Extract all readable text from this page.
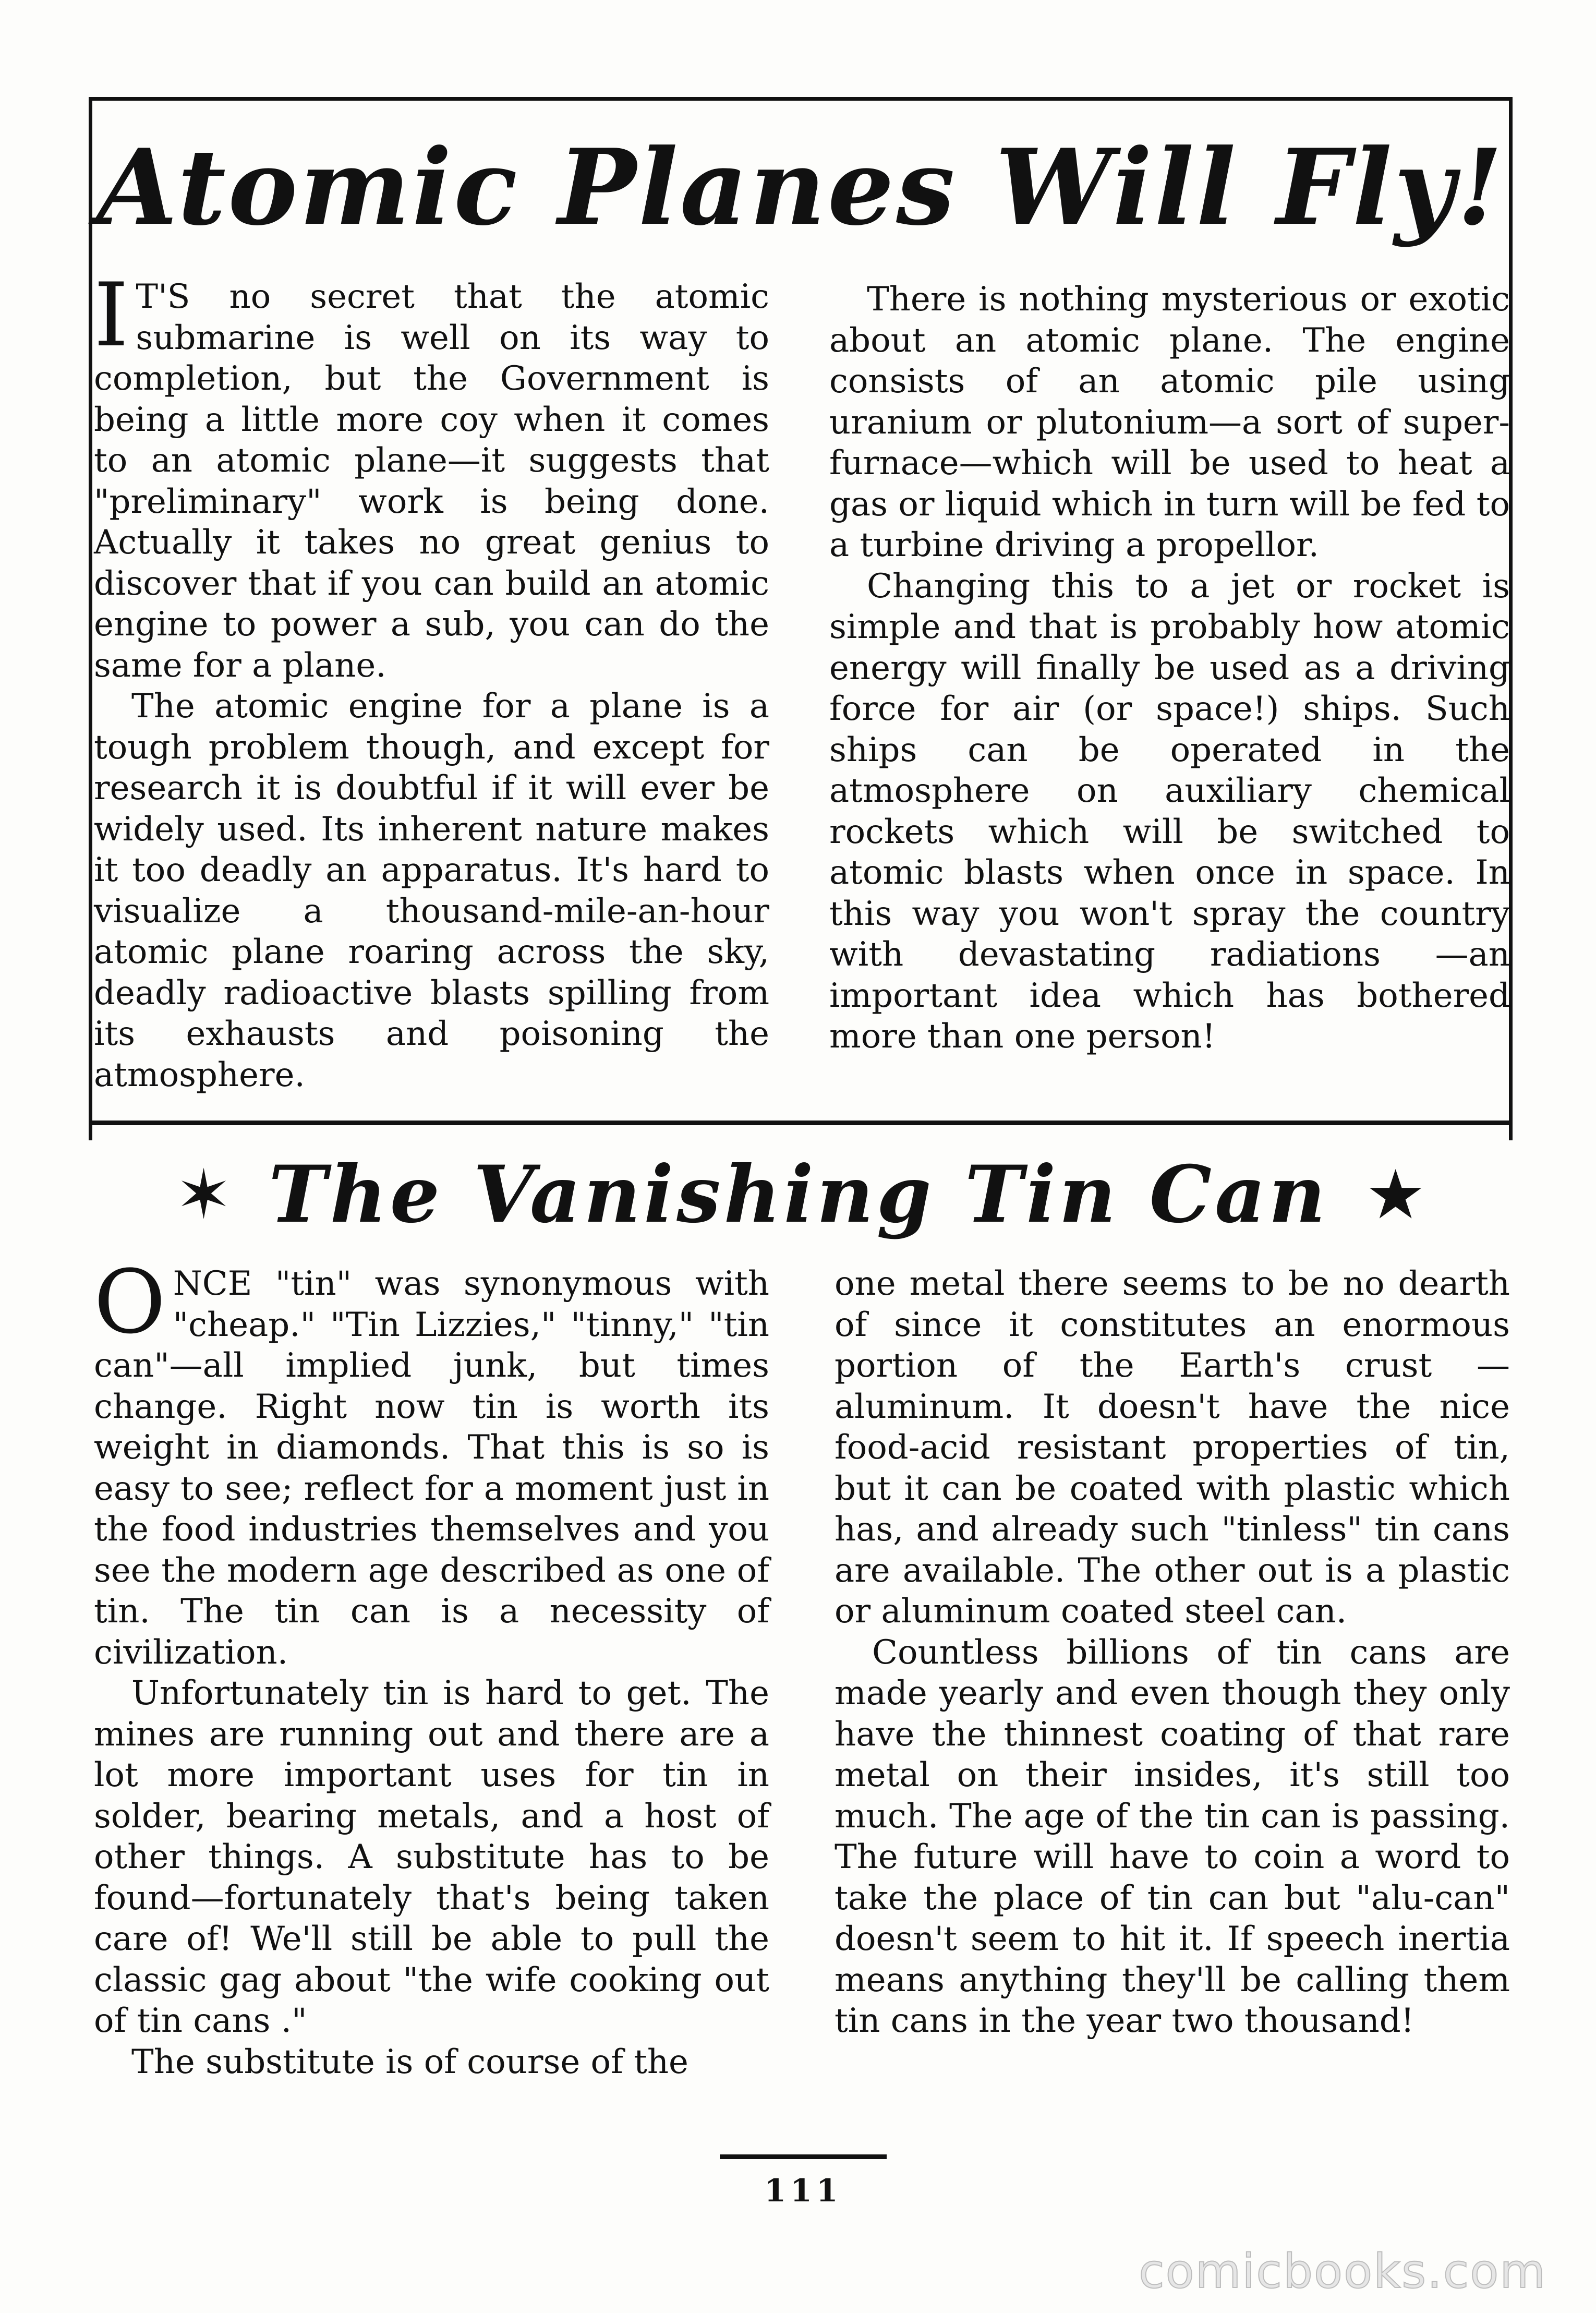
Atomic Planes Will Fly!

I T'S no secret that the atomic submarine is well on its way to completion, but the Government is being a little more coy when it comes to an atomic plane—it suggests that "preliminary" work is being done. Actually it takes no great genius to discover that if you can build an atomic engine to power a sub, you can do the same for a plane.

The atomic engine for a plane is a tough problem though, and except for research it is doubtful if it will ever be widely used. Its inherent nature makes it too deadly an apparatus. It's hard to visualize a thousand-mile-an-hour atomic plane roaring across the sky, deadly radioactive blasts spilling from its exhausts and poisoning the atmosphere.

There is nothing mysterious or exotic about an atomic plane. The engine consists of an atomic pile using uranium or plutonium—a sort of super-furnace—which will be used to heat a gas or liquid which in turn will be fed to a turbine driving a propellor.

Changing this to a jet or rocket is simple and that is probably how atomic energy will finally be used as a driving force for air (or space!) ships. Such ships can be operated in the atmosphere on auxiliary chemical rockets which will be switched to atomic blasts when once in space. In this way you won't spray the country with devastating radiations —an important idea which has bothered more than one person!

✶ The Vanishing Tin Can ★

ONCE "tin" was synonymous with "cheap." "Tin Lizzies," "tinny," "tin can"—all implied junk, but times change. Right now tin is worth its weight in diamonds. That this is so is easy to see; reflect for a moment just in the food industries themselves and you see the modern age described as one of tin. The tin can is a necessity of civilization.

Unfortunately tin is hard to get. The mines are running out and there are a lot more important uses for tin in solder, bearing metals, and a host of other things. A substitute has to be found—fortunately that's being taken care of! We'll still be able to pull the classic gag about "the wife cooking out of tin cans ."

The substitute is of course of the

one metal there seems to be no dearth of since it constitutes an enormous portion of the Earth's crust —aluminum. It doesn't have the nice food-acid resistant properties of tin, but it can be coated with plastic which has, and already such "tinless" tin cans are available. The other out is a plastic or aluminum coated steel can.

Countless billions of tin cans are made yearly and even though they only have the thinnest coating of that rare metal on their insides, it's still too much. The age of the tin can is passing. The future will have to coin a word to take the place of tin can but "alu-can" doesn't seem to hit it. If speech inertia means anything they'll be calling them tin cans in the year two thousand!

111
comicbooks.com
